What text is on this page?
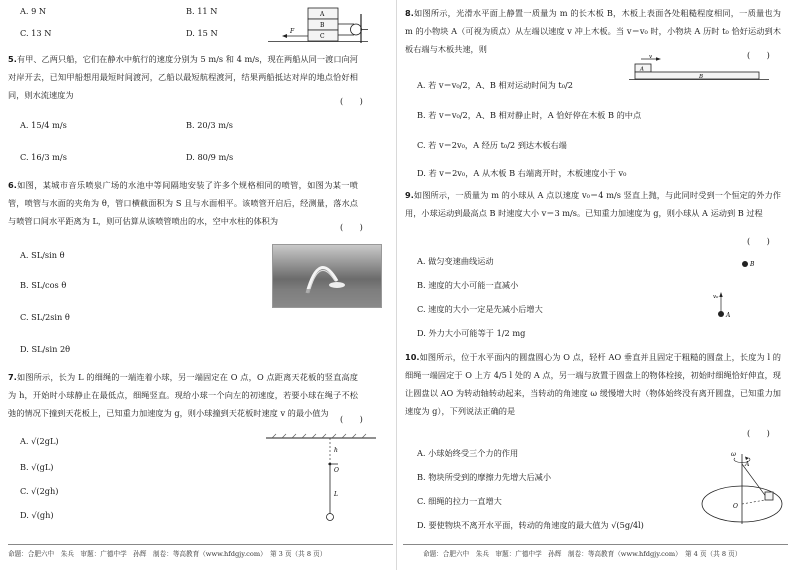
A. 9 N	B. 11 N
C. 13 N	D. 15 N
A
B
C
F
5.有甲、乙两只船，它们在静水中航行的速度分别为 5 m/s 和 4 m/s，现在两船从同一渡口向河对岸开去，已知甲船想用最短时间渡河，乙船以最短航程渡河，结果两船抵达对岸的地点恰好相同，则水流速度为
(　　)
A. 15/4 m/s	B. 20/3 m/s
C. 16/3 m/s	D. 80/9 m/s
6.如图，某城市音乐喷泉广场的水池中等间隔地安装了许多个规格相同的喷管，如图为某一喷管，喷管与水面的夹角为 θ，管口横截面积为 S 且与水面相平。该喷管开启后，经测量，落水点与喷管口间水平距离为 L，则可估算从该喷管喷出的水，空中水柱的体积为
(　　)
A. SL/sin θ
B. SL/cos θ
C. SL/2sin θ
D. SL/sin 2θ
7.如图所示，长为 L 的细绳的一端连着小球，另一端固定在 O 点，O 点距离天花板的竖直高度为 h，开始时小球静止在最低点，细绳竖直。现给小球一个向左的初速度，若要小球在绳子不松弛的情况下撞到天花板上，已知重力加速度为 g，则小球撞到天花板时速度 v 的最小值为
(　　)
A. √(2gL)
B. √(gL)
C. √(2gh)
D. √(gh)
h
O
L
命题：合肥六中　朱兵　审题：广德中学　孙辉　制卷：等高教育（www.hfdgjy.com）　第 3 页（共 8 页）
8.如图所示，光滑水平面上静置一质量为 m 的长木板 B，木板上表面各处粗糙程度相同，一质量也为 m 的小物块 A（可视为质点）从左端以速度 v 冲上木板。当 v＝v₀ 时，小物块 A 历时 t₀ 恰好运动到木板右端与木板共速，则
(　　)
v
A
B
A. 若 v＝v₀/2，A、B 相对运动时间为 t₀/2
B. 若 v＝v₀/2，A、B 相对静止时，A 恰好停在木板 B 的中点
C. 若 v＝2v₀，A 经历 t₀/2 到达木板右端
D. 若 v＝2v₀，A 从木板 B 右端离开时，木板速度小于 v₀
9.如图所示，一质量为 m 的小球从 A 点以速度 v₀＝4 m/s 竖直上抛，与此同时受到一个恒定的外力作用，小球运动到最高点 B 时速度大小 v＝3 m/s。已知重力加速度为 g，则小球从 A 运动到 B 过程
(　　)
A. 做匀变速曲线运动
B. 速度的大小可能一直减小
C. 速度的大小一定是先减小后增大
D. 外力大小可能等于 1/2 mg
B
v₀
A
10.如图所示，位于水平面内的圆盘圆心为 O 点，轻杆 AO 垂直并且固定于粗糙的圆盘上，长度为 l 的细绳一端固定于 O 上方 4/5 l 处的 A 点，另一端与放置于圆盘上的物体栓接，初始时细绳恰好伸直，现让圆盘以 AO 为转动轴转动起来，当转动的角速度 ω 缓慢增大时（物体始终没有离开圆盘，已知重力加速度为 g），下列说法正确的是
(　　)
A. 小球始终受三个力的作用
B. 物块所受到的摩擦力先增大后减小
C. 细绳的拉力一直增大
D. 要使物块不离开水平面，转动的角速度的最大值为 √(5g/4l)
A
O
ω
命题：合肥六中　朱兵　审题：广德中学　孙辉　制卷：等高教育（www.hfdgjy.com）　第 4 页（共 8 页）
